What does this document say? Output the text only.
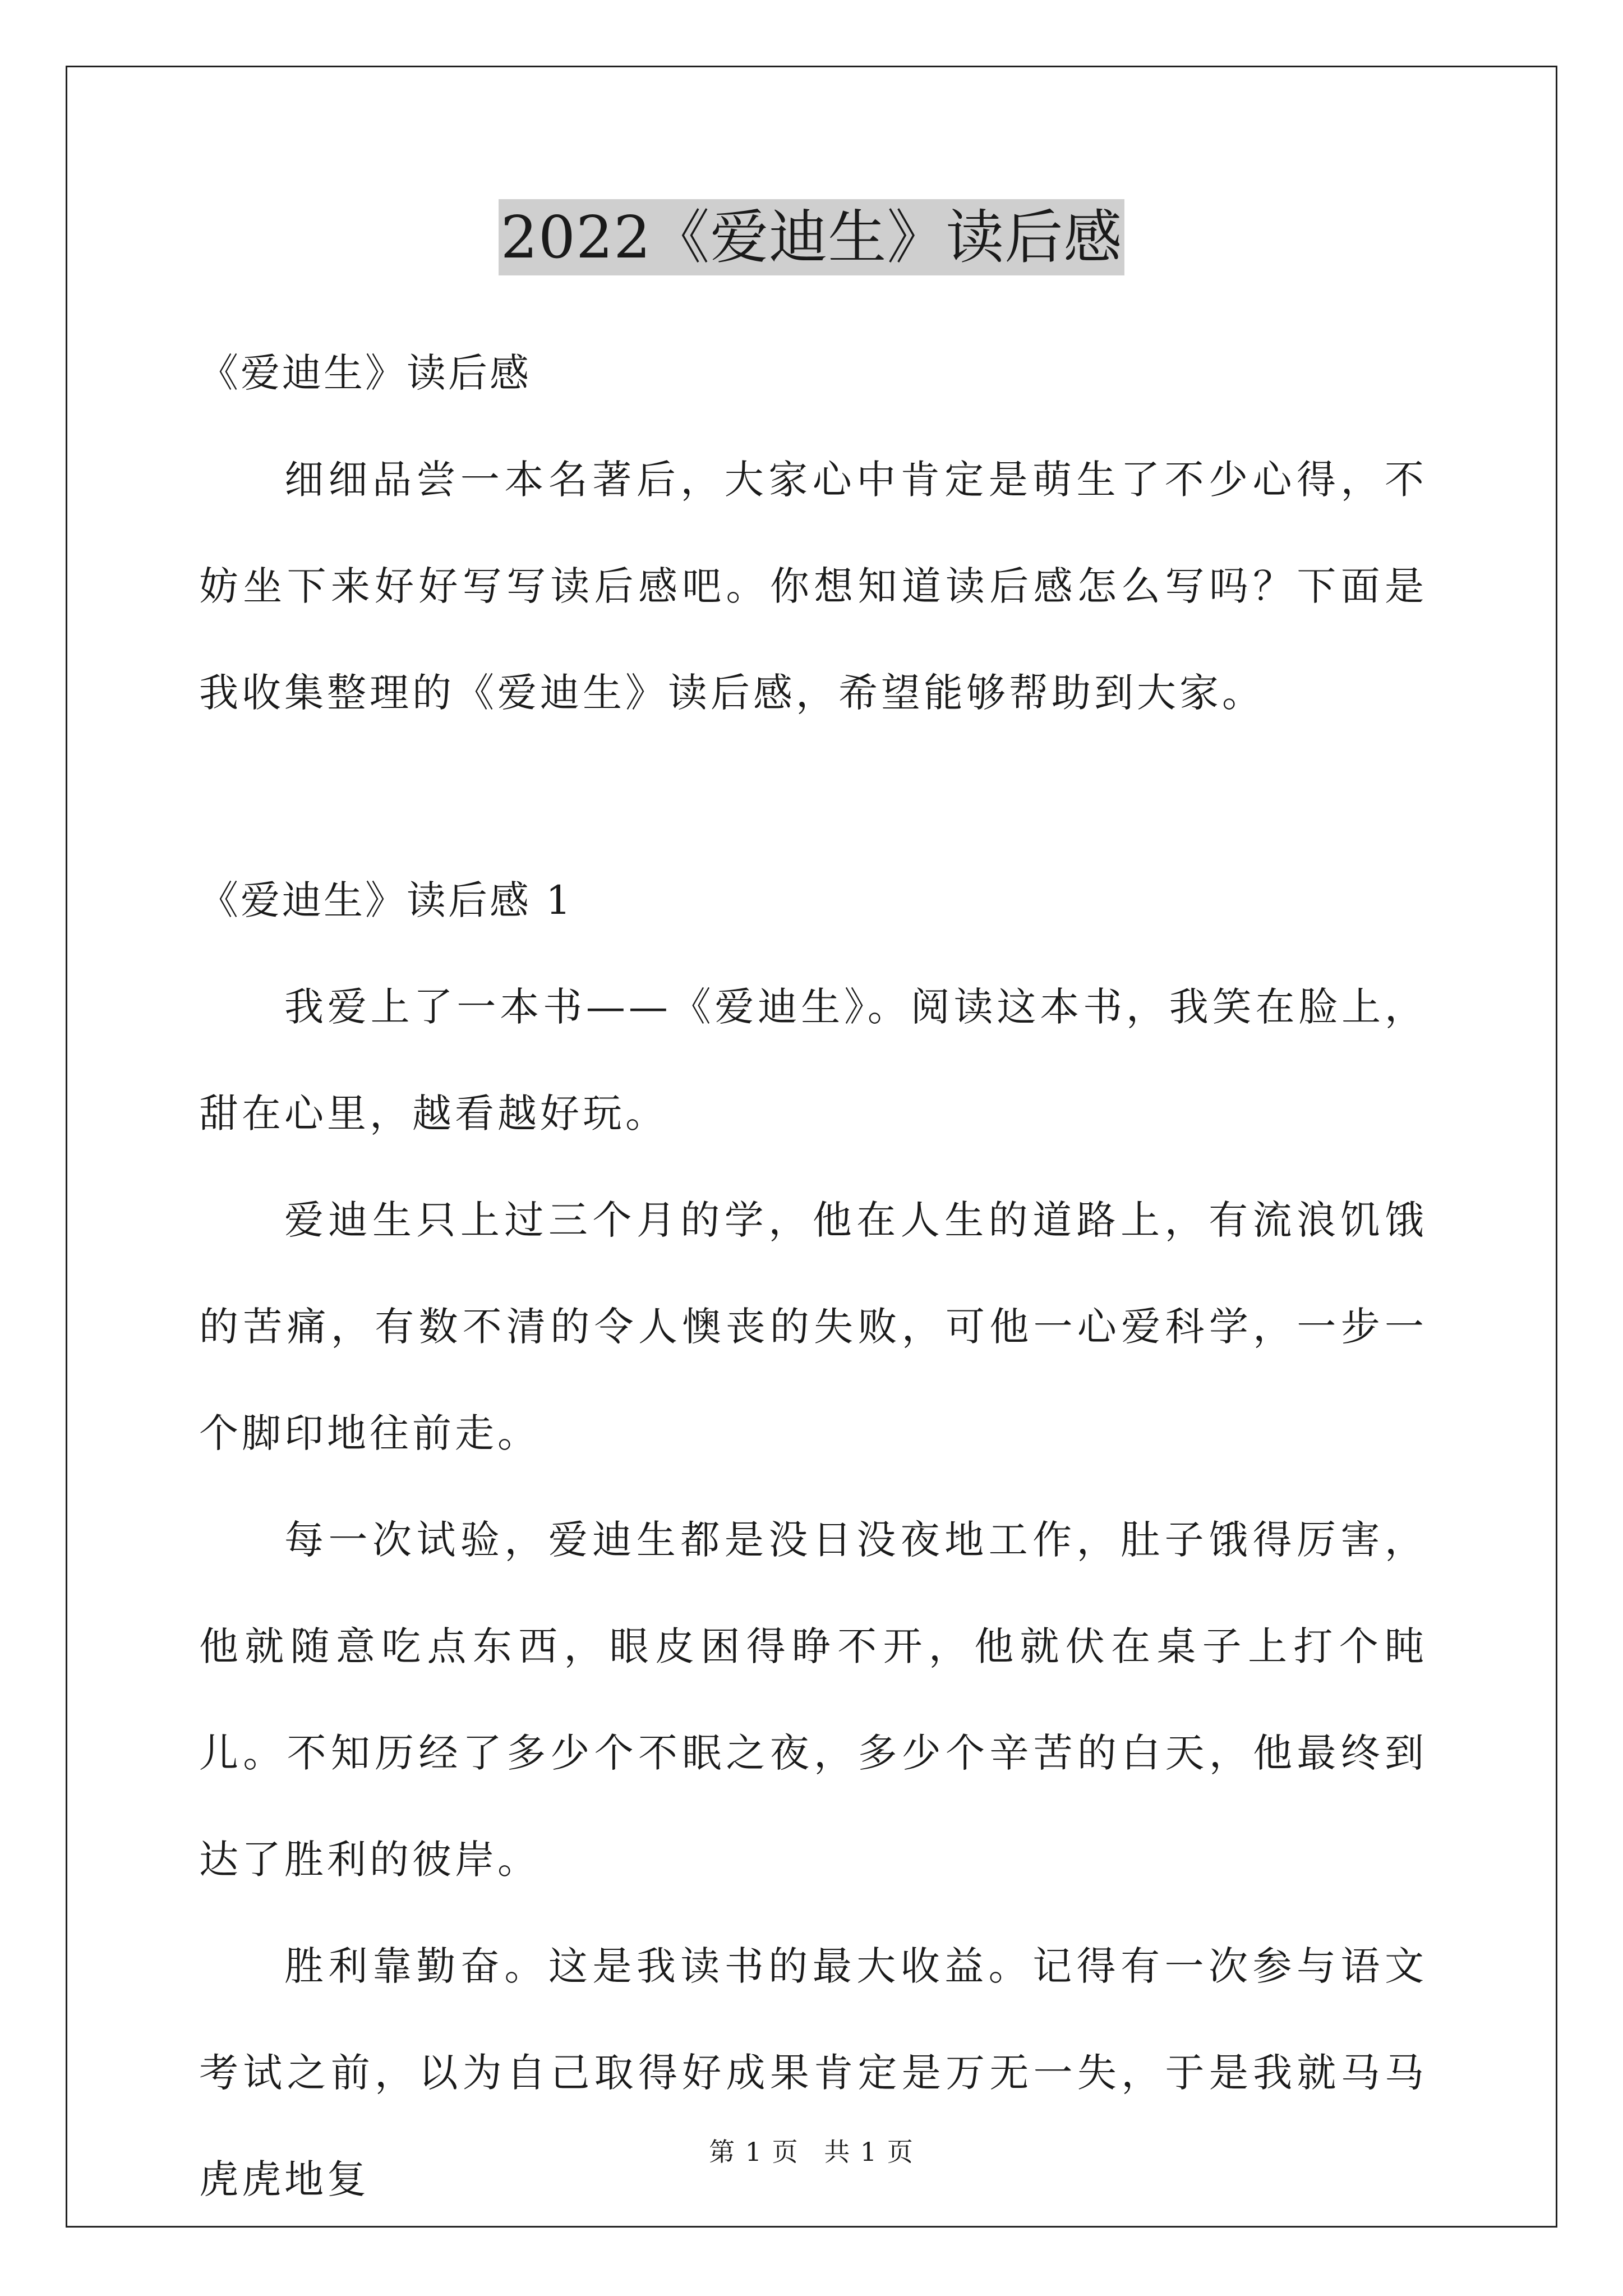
2022《爱迪生》读后感

《爱迪生》读后感

细细品尝一本名著后，大家心中肯定是萌生了不少心得，不妨坐下来好好写写读后感吧。你想知道读后感怎么写吗？下面是我收集整理的《爱迪生》读后感，希望能够帮助到大家。

《爱迪生》读后感 1

我爱上了一本书——《爱迪生》。阅读这本书，我笑在脸上，甜在心里，越看越好玩。

爱迪生只上过三个月的学，他在人生的道路上，有流浪饥饿的苦痛，有数不清的令人懊丧的失败，可他一心爱科学，一步一个脚印地往前走。

每一次试验，爱迪生都是没日没夜地工作，肚子饿得厉害，他就随意吃点东西，眼皮困得睁不开，他就伏在桌子上打个盹儿。不知历经了多少个不眠之夜，多少个辛苦的白天，他最终到达了胜利的彼岸。

胜利靠勤奋。这是我读书的最大收益。记得有一次参与语文考试之前，以为自己取得好成果肯定是万无一失，于是我就马马虎虎地复

第 1 页 共 1 页
